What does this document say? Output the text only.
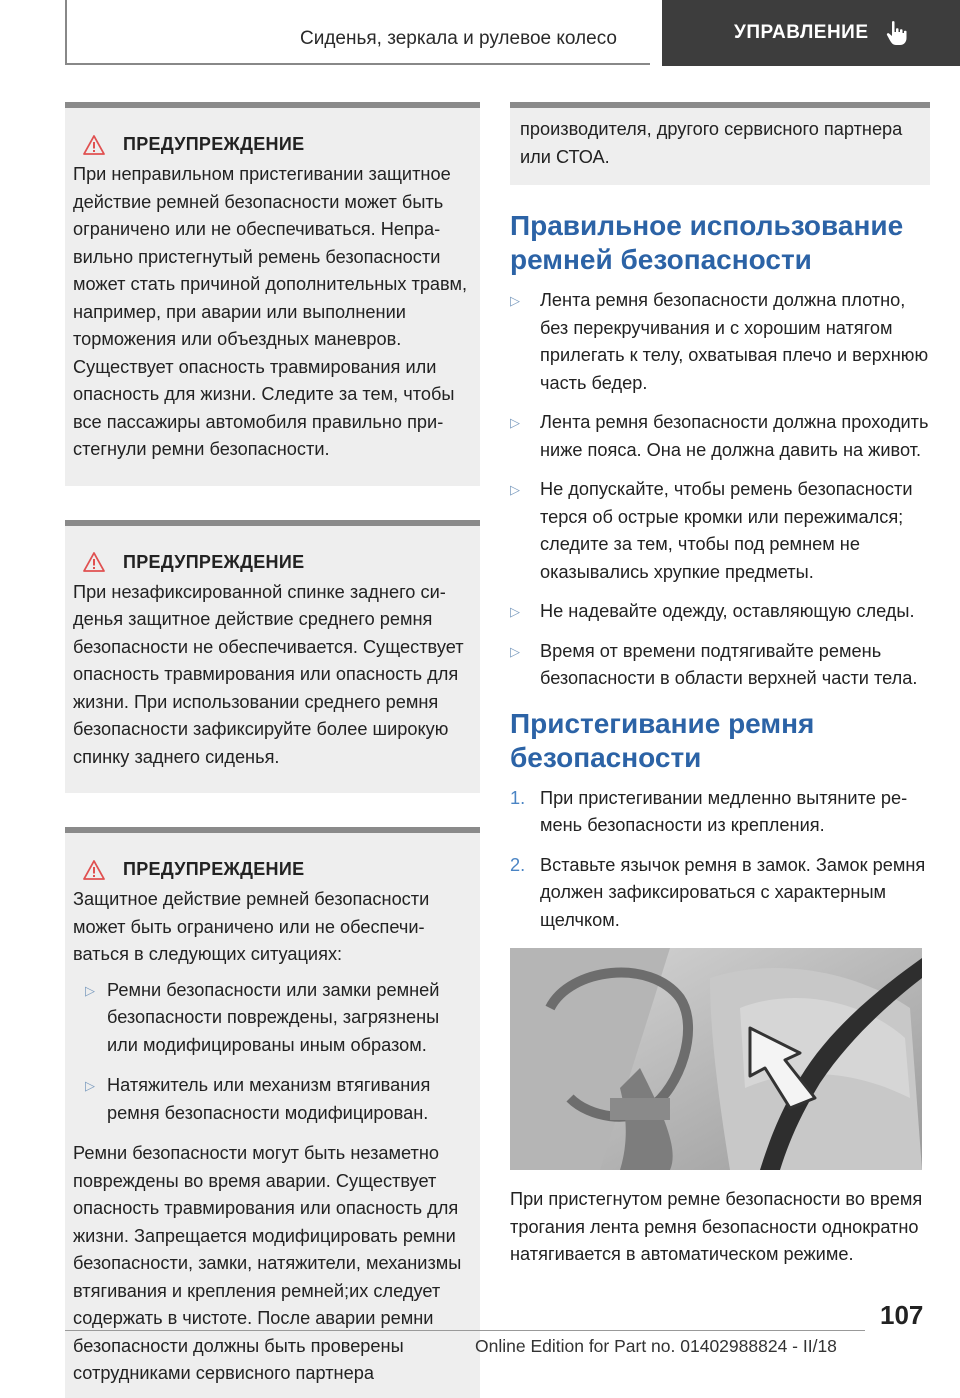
Сиденья, зеркала и рулевое колесо	УПРАВЛЕНИЕ
ПРЕДУПРЕЖДЕНИЕ

При неправильном пристегивании защитное действие ремней безопасности может быть ограничено или не обеспечиваться. Неправильно пристегнутый ремень безопасности может стать причиной дополнительных травм, например, при аварии или выполнении торможения или объездных маневров. Существует опасность травмирования или опасность для жизни. Следите за тем, чтобы все пассажиры автомобиля правильно пристегнули ремни безопасности.

ПРЕДУПРЕЖДЕНИЕ

При незафиксированной спинке заднего сиденья защитное действие среднего ремня безопасности не обеспечивается. Существует опасность травмирования или опасность для жизни. При использовании среднего ремня безопасности зафиксируйте более широкую спинку заднего сиденья.

ПРЕДУПРЕЖДЕНИЕ

Защитное действие ремней безопасности может быть ограничено или не обеспечиваться в следующих ситуациях:

▷ Ремни безопасности или замки ремней безопасности повреждены, загрязнены или модифицированы иным образом.
▷ Натяжитель или механизм втягивания ремня безопасности модифицирован.

Ремни безопасности могут быть незаметно повреждены во время аварии. Существует опасность травмирования или опасность для жизни. Запрещается модифицировать ремни безопасности, замки, натяжители, механизмы втягивания и крепления ремней;их следует содержать в чистоте. После аварии ремни безопасности должны быть проверены сотрудниками сервисного партнера

производителя, другого сервисного партнера или СТОА.

Правильное использование ремней безопасности
▷	Лента ремня безопасности должна плотно, без перекручивания и с хорошим натягом прилегать к телу, охватывая плечо и верхнюю часть бедер.
▷	Лента ремня безопасности должна проходить ниже пояса. Она не должна давить на живот.
▷	Не допускайте, чтобы ремень безопасности терся об острые кромки или пережимался; следите за тем, чтобы под ремнем не оказывались хрупкие предметы.
▷	Не надевайте одежду, оставляющую следы.
▷	Время от времени подтягивайте ремень безопасности в области верхней части тела.
Пристегивание ремня безопасности
1. При пристегивании медленно вытяните ремень безопасности из крепления.
2. Вставьте язычок ремня в замок. Замок ремня должен зафиксироваться с характерным щелчком.

При пристегнутом ремне безопасности во время трогания лента ремня безопасности однократно натягивается в автоматическом режиме.

107
Online Edition for Part no. 01402988824 - II/18
